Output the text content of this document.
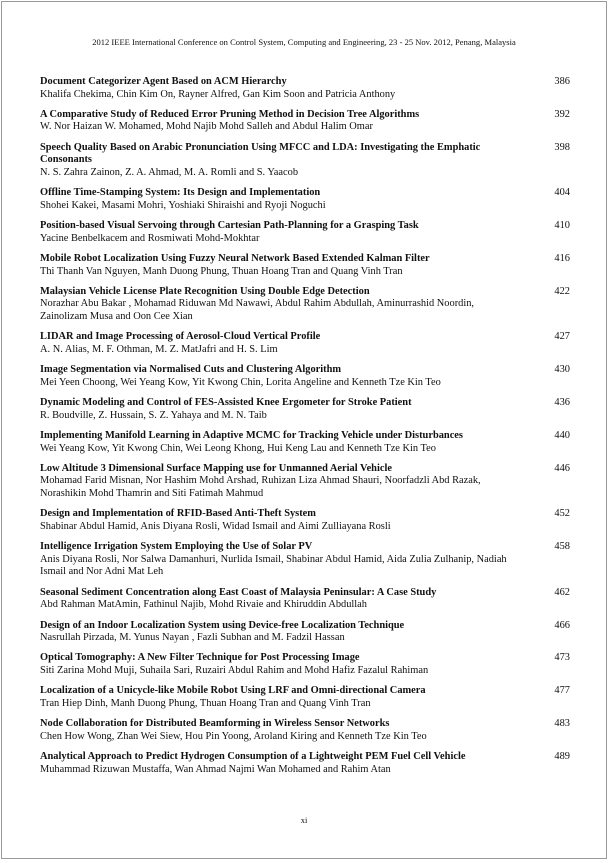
2012 IEEE International Conference on Control System, Computing and Engineering, 23 - 25 Nov. 2012, Penang, Malaysia
Document Categorizer Agent Based on ACM Hierarchy
Khalifa Chekima, Chin Kim On, Rayner Alfred, Gan Kim Soon and Patricia Anthony
386
A Comparative Study of Reduced Error Pruning Method in Decision Tree Algorithms
W. Nor Haizan W. Mohamed, Mohd Najib Mohd Salleh and Abdul Halim Omar
392
Speech Quality Based on Arabic Pronunciation Using MFCC and LDA: Investigating the Emphatic Consonants
N. S. Zahra Zainon, Z. A. Ahmad, M. A. Romli and S. Yaacob
398
Offline Time-Stamping System: Its Design and Implementation
Shohei Kakei, Masami Mohri, Yoshiaki Shiraishi and Ryoji Noguchi
404
Position-based Visual Servoing through Cartesian Path-Planning for a Grasping Task
Yacine Benbelkacem and Rosmiwati Mohd-Mokhtar
410
Mobile Robot Localization Using Fuzzy Neural Network Based Extended Kalman Filter
Thi Thanh Van Nguyen, Manh Duong Phung, Thuan Hoang Tran and Quang Vinh Tran
416
Malaysian Vehicle License Plate Recognition Using Double Edge Detection
Norazhar Abu Bakar , Mohamad Riduwan Md Nawawi, Abdul Rahim Abdullah, Aminurrashid Noordin, Zainolizam Musa and Oon Cee Xian
422
LIDAR and Image Processing of Aerosol-Cloud Vertical Profile
A. N. Alias, M. F. Othman, M. Z. MatJafri and H. S. Lim
427
Image Segmentation via Normalised Cuts and Clustering Algorithm
Mei Yeen Choong, Wei Yeang Kow, Yit Kwong Chin, Lorita Angeline and Kenneth Tze Kin Teo
430
Dynamic Modeling and Control of FES-Assisted Knee Ergometer for Stroke Patient
R. Boudville, Z. Hussain, S. Z. Yahaya and M. N. Taib
436
Implementing Manifold Learning in Adaptive MCMC for Tracking Vehicle under Disturbances
Wei Yeang Kow, Yit Kwong Chin, Wei Leong Khong, Hui Keng Lau and Kenneth Tze Kin Teo
440
Low Altitude 3 Dimensional Surface Mapping use for Unmanned Aerial Vehicle
Mohamad Farid Misnan, Nor Hashim Mohd Arshad, Ruhizan Liza Ahmad Shauri, Noorfadzli Abd Razak, Norashikin Mohd Thamrin and Siti Fatimah Mahmud
446
Design and Implementation of RFID-Based Anti-Theft System
Shabinar Abdul Hamid, Anis Diyana Rosli, Widad Ismail and Aimi Zulliayana Rosli
452
Intelligence Irrigation System Employing the Use of Solar PV
Anis Diyana Rosli, Nor Salwa Damanhuri, Nurlida Ismail, Shabinar Abdul Hamid, Aida Zulia Zulhanip, Nadiah Ismail and Nor Adni Mat Leh
458
Seasonal Sediment Concentration along East Coast of Malaysia Peninsular: A Case Study
Abd Rahman MatAmin, Fathinul Najib, Mohd Rivaie and Khiruddin Abdullah
462
Design of an Indoor Localization System using Device-free Localization Technique
Nasrullah Pirzada, M. Yunus Nayan , Fazli Subhan and M. Fadzil Hassan
466
Optical Tomography: A New Filter Technique for Post Processing Image
Siti Zarina Mohd Muji, Suhaila Sari, Ruzairi Abdul Rahim and Mohd Hafiz Fazalul Rahiman
473
Localization of a Unicycle-like Mobile Robot Using LRF and Omni-directional Camera
Tran Hiep Dinh, Manh Duong Phung, Thuan Hoang Tran and Quang Vinh Tran
477
Node Collaboration for Distributed Beamforming in Wireless Sensor Networks
Chen How Wong, Zhan Wei Siew, Hou Pin Yoong, Aroland Kiring and Kenneth Tze Kin Teo
483
Analytical Approach to Predict Hydrogen Consumption of a Lightweight PEM Fuel Cell Vehicle
Muhammad Rizuwan Mustaffa, Wan Ahmad Najmi Wan Mohamed and Rahim Atan
489
xi
